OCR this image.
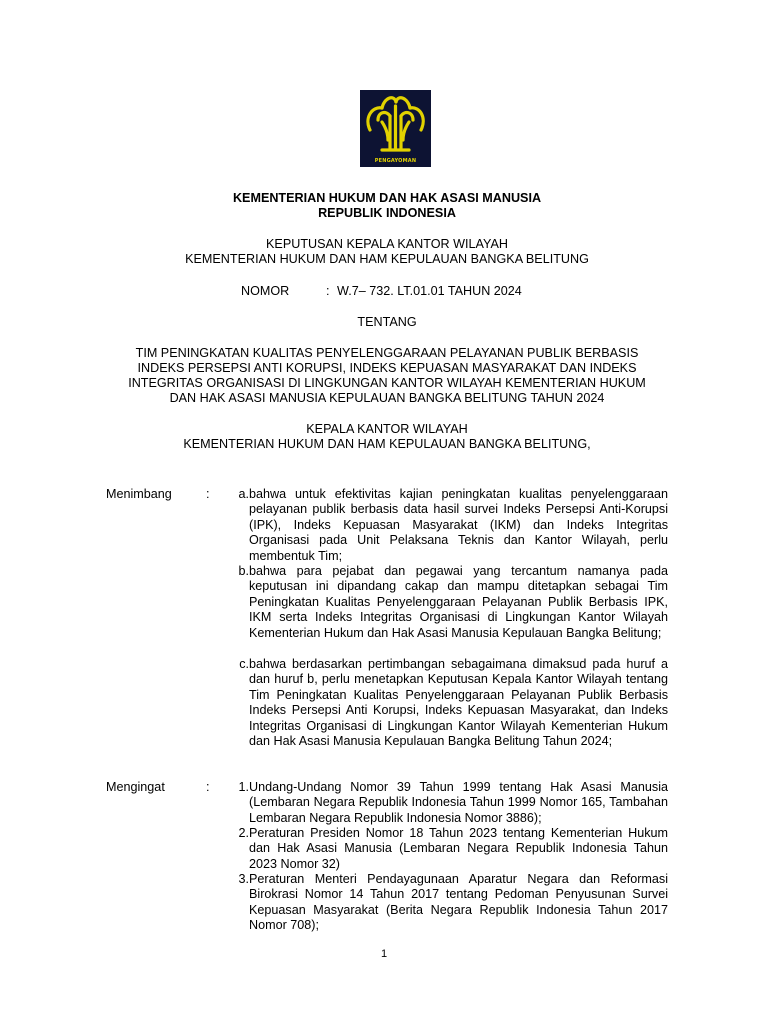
PENGAYOMAN
KEMENTERIAN HUKUM DAN HAK ASASI MANUSIA
REPUBLIK INDONESIA
KEPUTUSAN KEPALA KANTOR WILAYAH
KEMENTERIAN HUKUM DAN HAM KEPULAUAN BANGKA BELITUNG
NOMOR	: W.7– 732. LT.01.01 TAHUN 2024
TENTANG
TIM PENINGKATAN KUALITAS PENYELENGGARAAN PELAYANAN PUBLIK BERBASIS
INDEKS PERSEPSI ANTI KORUPSI, INDEKS KEPUASAN MASYARAKAT DAN INDEKS
INTEGRITAS ORGANISASI DI LINGKUNGAN KANTOR WILAYAH KEMENTERIAN HUKUM
DAN HAK ASASI MANUSIA KEPULAUAN BANGKA BELITUNG TAHUN 2024
KEPALA KANTOR WILAYAH
KEMENTERIAN HUKUM DAN HAM KEPULAUAN BANGKA BELITUNG,
Menimbang	:	a. bahwa untuk efektivitas kajian peningkatan kualitas penyelenggaraan pelayanan publik berbasis data hasil survei Indeks Persepsi Anti-Korupsi (IPK), Indeks Kepuasan Masyarakat (IKM) dan Indeks Integritas Organisasi pada Unit Pelaksana Teknis dan Kantor Wilayah, perlu membentuk Tim;
b. bahwa para pejabat dan pegawai yang tercantum namanya pada keputusan ini dipandang cakap dan mampu ditetapkan sebagai Tim Peningkatan Kualitas Penyelenggaraan Pelayanan Publik Berbasis IPK, IKM serta Indeks Integritas Organisasi di Lingkungan Kantor Wilayah Kementerian Hukum dan Hak Asasi Manusia Kepulauan Bangka Belitung;
c. bahwa berdasarkan pertimbangan sebagaimana dimaksud pada huruf a dan huruf b, perlu menetapkan Keputusan Kepala Kantor Wilayah tentang Tim Peningkatan Kualitas Penyelenggaraan Pelayanan Publik Berbasis Indeks Persepsi Anti Korupsi, Indeks Kepuasan Masyarakat, dan Indeks Integritas Organisasi di Lingkungan Kantor Wilayah Kementerian Hukum dan Hak Asasi Manusia Kepulauan Bangka Belitung Tahun 2024;
Mengingat	:	1. Undang-Undang Nomor 39 Tahun 1999 tentang Hak Asasi Manusia (Lembaran Negara Republik Indonesia Tahun 1999 Nomor 165, Tambahan Lembaran Negara Republik Indonesia Nomor 3886);
2. Peraturan Presiden Nomor 18 Tahun 2023 tentang Kementerian Hukum dan Hak Asasi Manusia (Lembaran Negara Republik Indonesia Tahun 2023 Nomor 32)
3. Peraturan Menteri Pendayagunaan Aparatur Negara dan Reformasi Birokrasi Nomor 14 Tahun 2017 tentang Pedoman Penyusunan Survei Kepuasan Masyarakat (Berita Negara Republik Indonesia Tahun 2017 Nomor 708);
1
